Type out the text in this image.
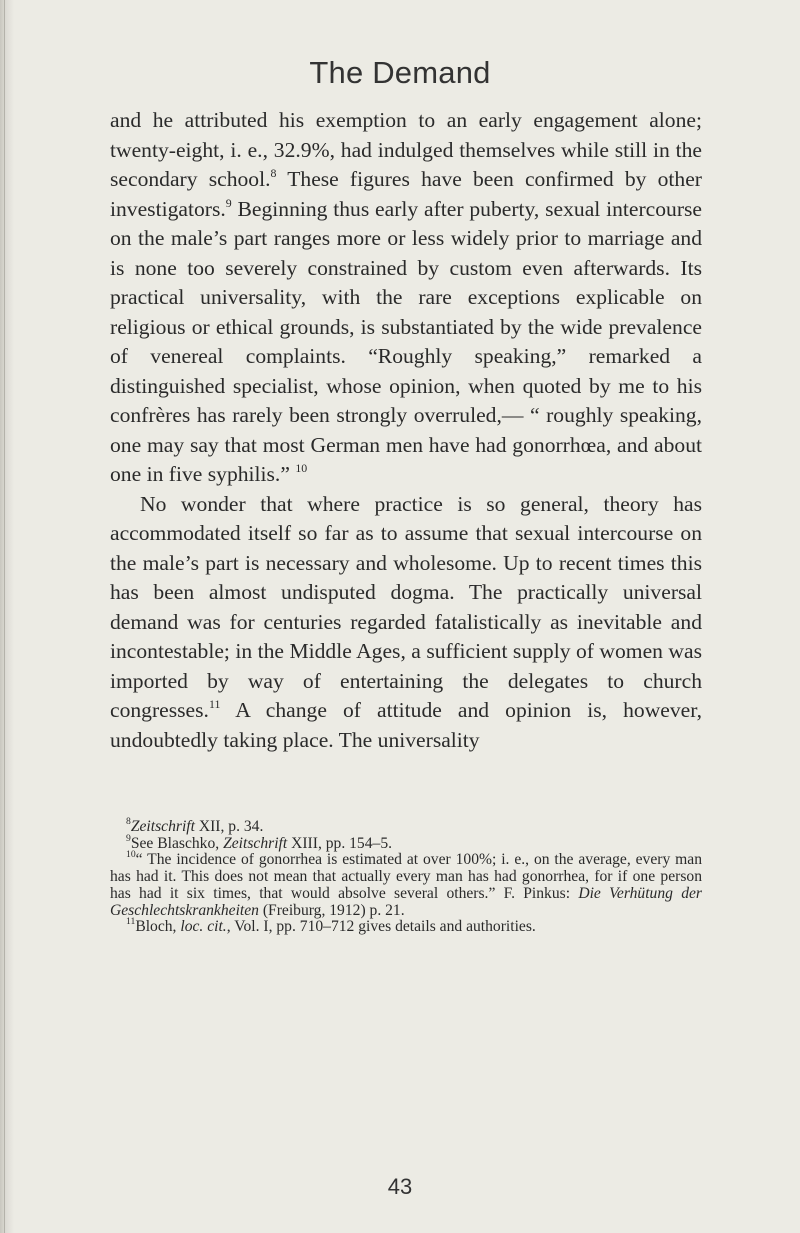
The Demand

and he attributed his exemption to an early engagement alone; twenty-eight, i. e., 32.9%, had indulged themselves while still in the secondary school.$^8$ These figures have been confirmed by other investigators.$^9$ Beginning thus early after puberty, sexual intercourse on the male’s part ranges more or less widely prior to marriage and is none too severely constrained by custom even afterwards. Its practical universality, with the rare exceptions explicable on religious or ethical grounds, is substantiated by the wide prevalence of venereal complaints. “Roughly speaking,” remarked a distinguished specialist, whose opinion, when quoted by me to his confrères has rarely been strongly overruled,— “ roughly speaking, one may say that most German men have had gonorrhœa, and about one in five syphilis.” $^{10}$

No wonder that where practice is so general, theory has accommodated itself so far as to assume that sexual intercourse on the male’s part is necessary and wholesome. Up to recent times this has been almost undisputed dogma. The practically universal demand was for centuries regarded fatalistically as inevitable and incontestable; in the Middle Ages, a sufficient supply of women was imported by way of entertaining the delegates to church congresses.$^{11}$ A change of attitude and opinion is, however, undoubtedly taking place. The universality

$^8$Zeitschrift XII, p. 34.

$^9$See Blaschko, Zeitschrift XIII, pp. 154–5.

$^{10}$“ The incidence of gonorrhea is estimated at over 100%; i. e., on the average, every man has had it. This does not mean that actually every man has had gonorrhea, for if one person has had it six times, that would absolve several others.” F. Pinkus: Die Verhütung der Geschlechtskrankheiten (Freiburg, 1912) p. 21.

$^{11}$Bloch, loc. cit., Vol. I, pp. 710–712 gives details and authorities.

43
